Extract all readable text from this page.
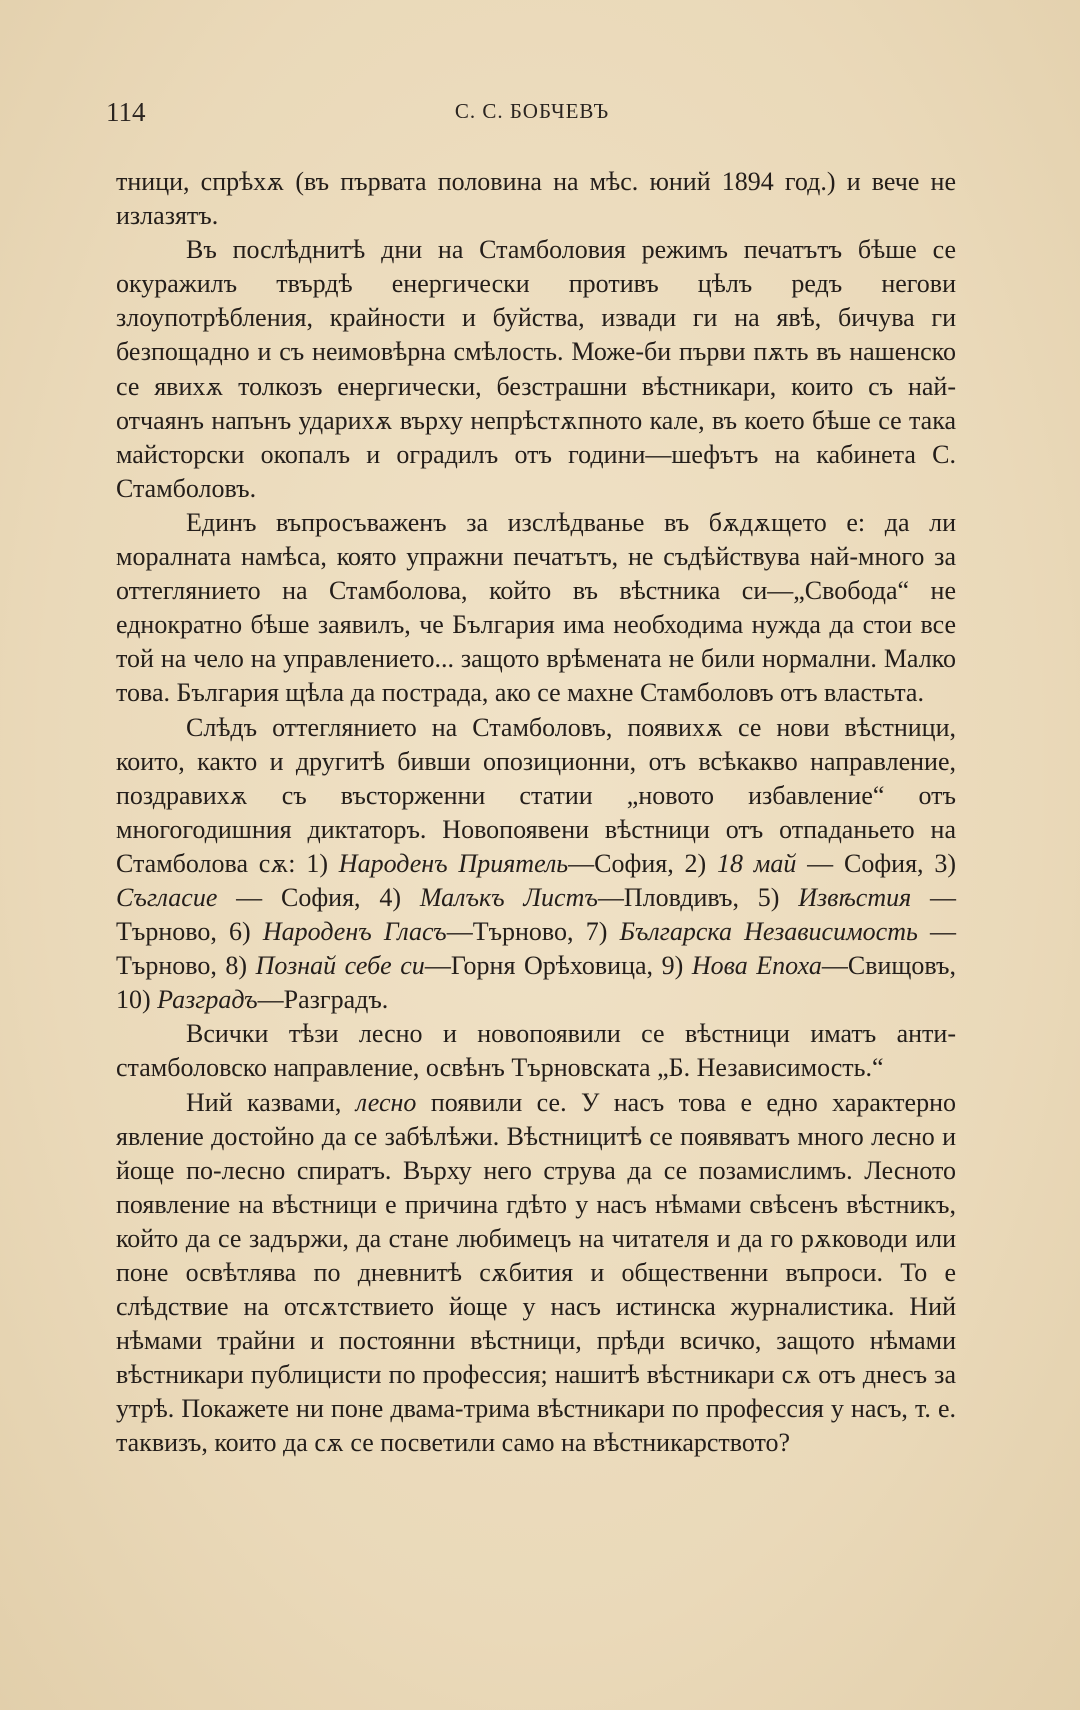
114	С. С. БОБЧЕВЪ

тници, спрѣхѫ (въ първата половина на мѣс. юний 1894 год.) и вече не излазятъ.

Въ послѣднитѣ дни на Стамболовия режимъ печатътъ бѣше се окуражилъ твърдѣ енергически противъ цѣлъ редъ негови злоупотрѣбления, крайности и буйства, извади ги на явѣ, бичува ги безпощадно и съ неимовѣрна смѣлость. Може-би първи пѫть въ нашенско се явихѫ толкозъ енергически, безстрашни вѣстникари, които съ най-отчаянъ напънъ ударихѫ върху непрѣстѫпното кале, въ което бѣше се така майсторски окопалъ и оградилъ отъ години—шефътъ на кабинета С. Стамболовъ.

Единъ въпросъваженъ за изслѣдванье въ бѫдѫщето е: да ли моралната намѣса, която упражни печатътъ, не съдѣйствува най-много за оттеглянието на Стамболова, който въ вѣстника си—„Свобода“ не еднократно бѣше заявилъ, че България има необходима нужда да стои все той на чело на управлението... защото врѣмената не били нормални. Малко това. България щѣла да пострада, ако се махне Стамболовъ отъ властьта.

Слѣдъ оттеглянието на Стамболовъ, появихѫ се нови вѣстници, които, както и другитѣ бивши опозиционни, отъ всѣкакво направление, поздравихѫ съ въсторженни статии „новото избавление“ отъ многогодишния диктаторъ. Новопоявени вѣстници отъ отпаданьето на Стамболова сѫ: 1) Народенъ Приятель—София, 2) 18 май — София, 3) Съгласие — София, 4) Малъкъ Листъ—Пловдивъ, 5) Извѣстия — Търново, 6) Народенъ Гласъ—Търново, 7) Българска Независимость — Търново, 8) Познай себе си—Горня Орѣховица, 9) Нова Епоха—Свищовъ, 10) Разградъ—Разградъ.

Всички тѣзи лесно и новопоявили се вѣстници иматъ анти-стамболовско направление, освѣнъ Търновската „Б. Независимость.“

Ний казвами, лесно появили се. У насъ това е едно характерно явление достойно да се забѣлѣжи. Вѣстницитѣ се появяватъ много лесно и йоще по-лесно спиратъ. Върху него струва да се позамислимъ. Лесното появление на вѣстници е причина гдѣто у насъ нѣмами свѣсенъ вѣстникъ, който да се задържи, да стане любимецъ на читателя и да го рѫководи или поне освѣтлява по дневнитѣ сѫбития и общественни въпроси. То е слѣдствие на отсѫтствието йоще у насъ истинска журналистика. Ний нѣмами трайни и постоянни вѣстници, прѣди всичко, защото нѣмами вѣстникари публицисти по профессия; нашитѣ вѣстникари сѫ отъ днесъ за утрѣ. Покажете ни поне двама-трима вѣстникари по профессия у насъ, т. е. таквизъ, които да сѫ се посветили само на вѣстникарството?
